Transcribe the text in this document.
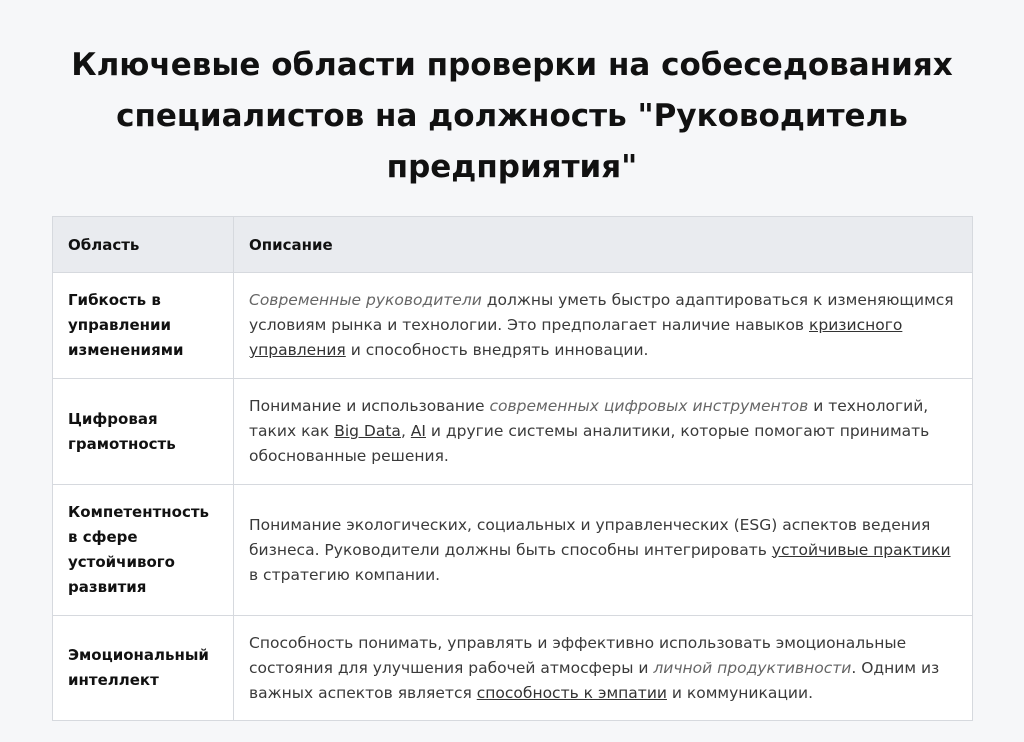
Ключевые области проверки на собеседованиях специалистов на должность "Руководитель предприятия"
Область	Описание
Гибкость в управлении изменениями	Современные руководители должны уметь быстро адаптироваться к изменяющимся условиям рынка и технологии. Это предполагает наличие навыков кризисного управления и способность внедрять инновации.
Цифровая грамотность	Понимание и использование современных цифровых инструментов и технологий, таких как Big Data, AI и другие системы аналитики, которые помогают принимать обоснованные решения.
Компетентность в сфере устойчивого развития	Понимание экологических, социальных и управленческих (ESG) аспектов ведения бизнеса. Руководители должны быть способны интегрировать устойчивые практики в стратегию компании.
Эмоциональный интеллект	Способность понимать, управлять и эффективно использовать эмоциональные состояния для улучшения рабочей атмосферы и личной продуктивности. Одним из важных аспектов является способность к эмпатии и коммуникации.
